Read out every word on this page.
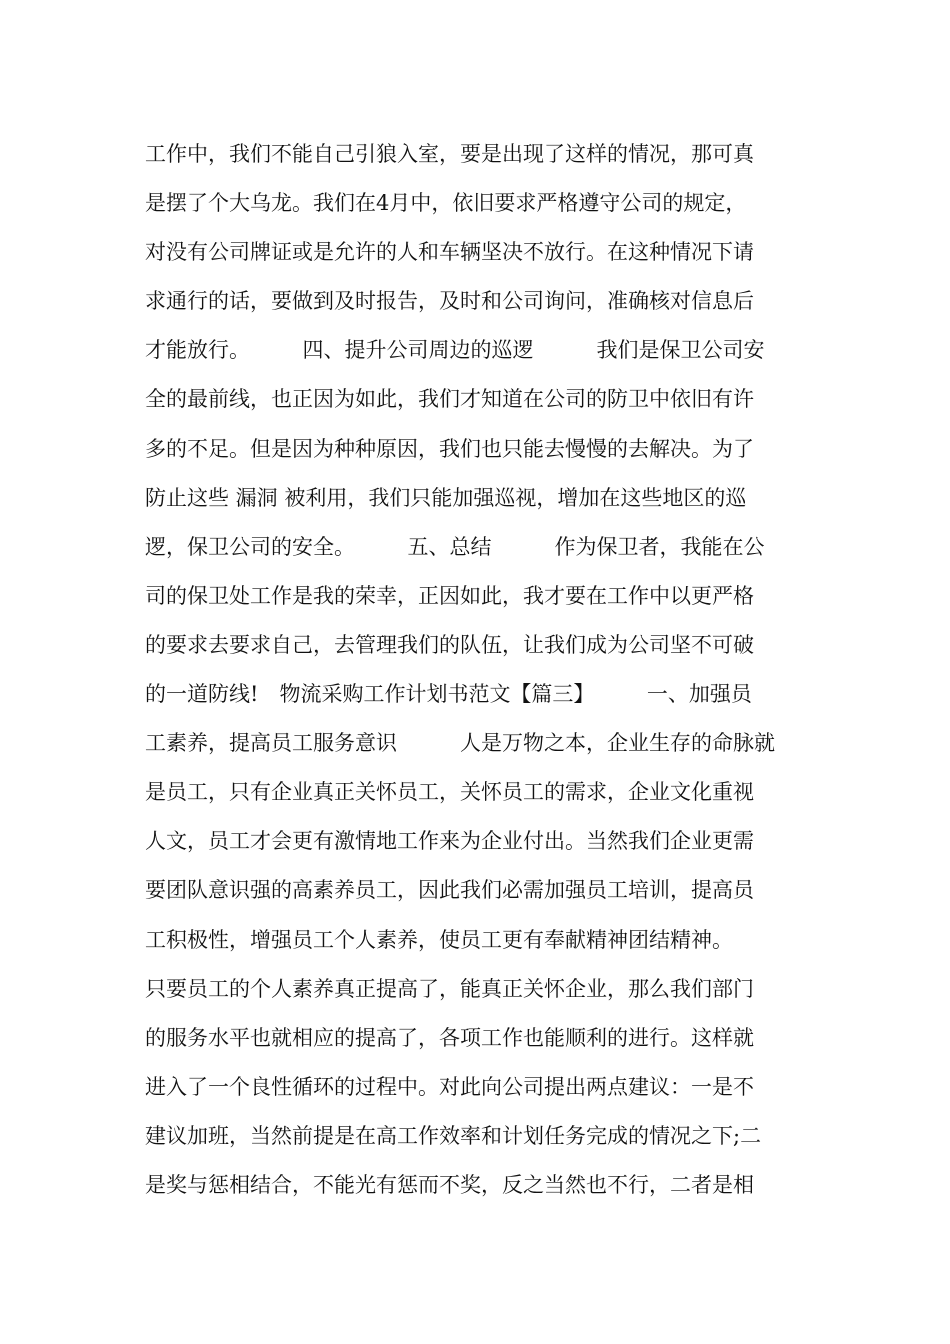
工作中，我们不能自己引狼入室，要是出现了这样的情况，那可真
是摆了个大乌龙。我们在4月中，依旧要求严格遵守公司的规定，
对没有公司牌证或是允许的人和车辆坚决不放行。在这种情况下请
求通行的话，要做到及时报告，及时和公司询问，准确核对信息后
才能放行。　　　四、提升公司周边的巡逻　　　我们是保卫公司安
全的最前线，也正因为如此，我们才知道在公司的防卫中依旧有许
多的不足。但是因为种种原因，我们也只能去慢慢的去解决。为了
防止这些 漏洞 被利用，我们只能加强巡视，增加在这些地区的巡
逻，保卫公司的安全。　　　五、总结　　　作为保卫者，我能在公
司的保卫处工作是我的荣幸，正因如此，我才要在工作中以更严格
的要求去要求自己，去管理我们的队伍，让我们成为公司坚不可破
的一道防线!　物流采购工作计划书范文【篇三】　　　一、加强员
工素养，提高员工服务意识　　　人是万物之本，企业生存的命脉就
是员工，只有企业真正关怀员工，关怀员工的需求，企业文化重视
人文，员工才会更有激情地工作来为企业付出。当然我们企业更需
要团队意识强的高素养员工，因此我们必需加强员工培训，提高员
工积极性，增强员工个人素养，使员工更有奉献精神团结精神。
只要员工的个人素养真正提高了，能真正关怀企业，那么我们部门
的服务水平也就相应的提高了，各项工作也能顺利的进行。这样就
进入了一个良性循环的过程中。对此向公司提出两点建议：一是不
建议加班，当然前提是在高工作效率和计划任务完成的情况之下;二
是奖与惩相结合，不能光有惩而不奖，反之当然也不行，二者是相
